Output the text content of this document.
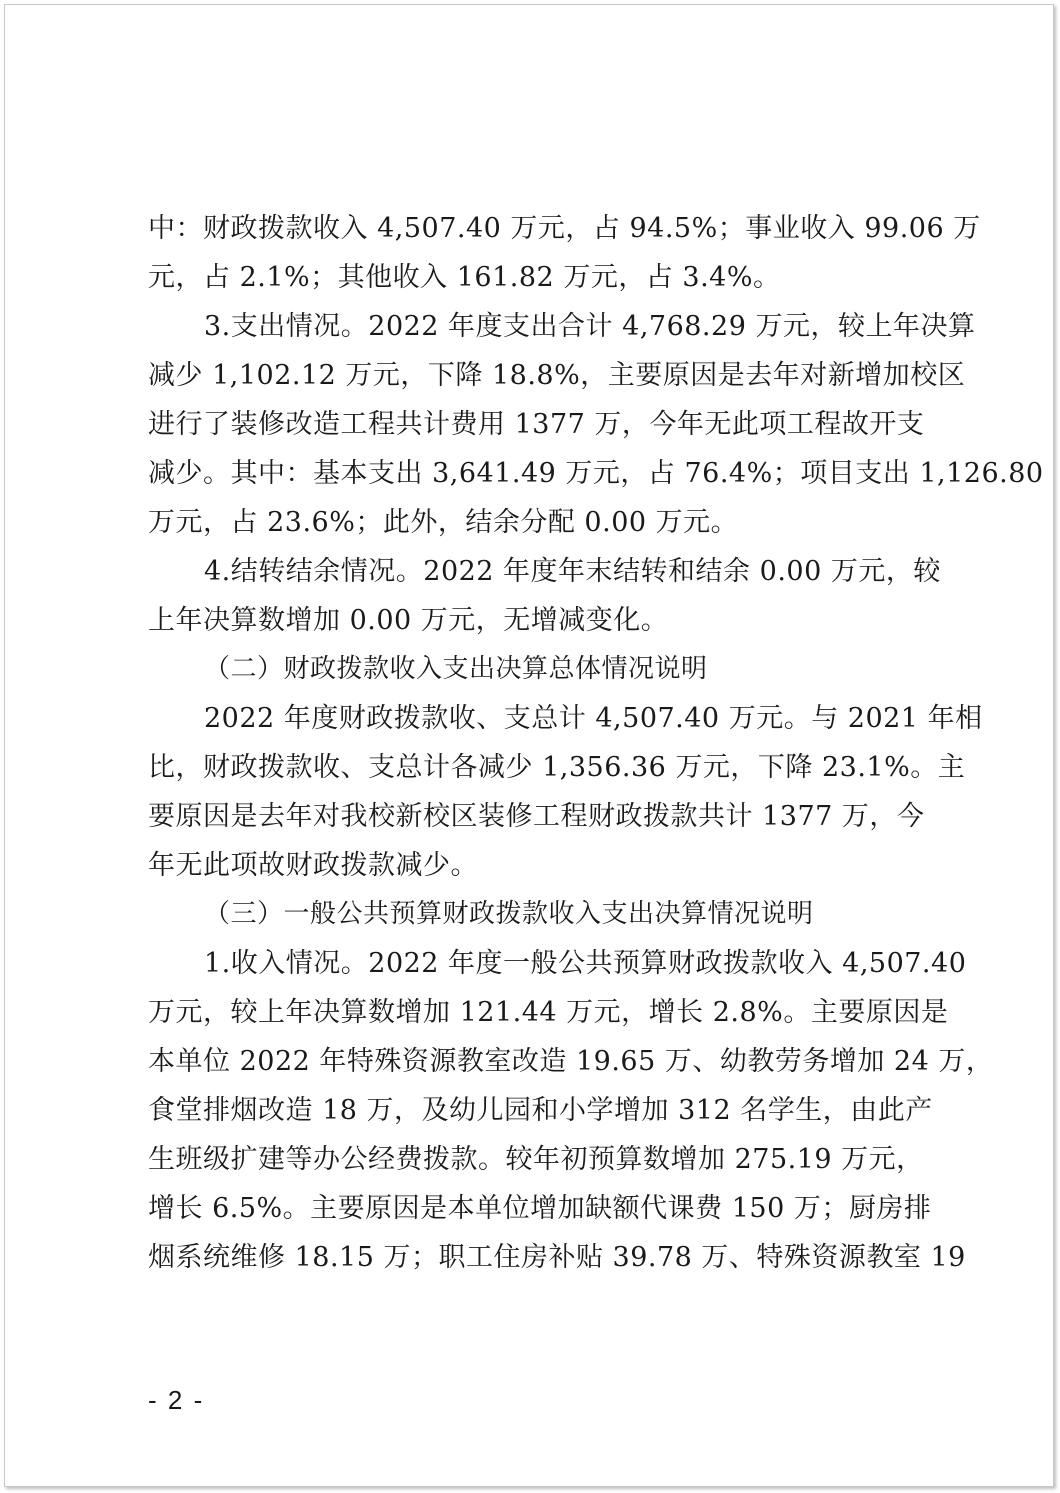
中：财政拨款收入 4,507.40 万元，占 94.5%；事业收入 99.06 万
元，占 2.1%；其他收入 161.82 万元，占 3.4%。
3.支出情况。2022 年度支出合计 4,768.29 万元，较上年决算
减少 1,102.12 万元，下降 18.8%，主要原因是去年对新增加校区
进行了装修改造工程共计费用 1377 万，今年无此项工程故开支
减少。其中：基本支出 3,641.49 万元，占 76.4%；项目支出 1,126.80
万元，占 23.6%；此外，结余分配 0.00 万元。
4.结转结余情况。2022 年度年末结转和结余 0.00 万元，较
上年决算数增加 0.00 万元，无增减变化。
（二）财政拨款收入支出决算总体情况说明
2022 年度财政拨款收、支总计 4,507.40 万元。与 2021 年相
比，财政拨款收、支总计各减少 1,356.36 万元，下降 23.1%。主
要原因是去年对我校新校区装修工程财政拨款共计 1377 万，今
年无此项故财政拨款减少。
（三）一般公共预算财政拨款收入支出决算情况说明
1.收入情况。2022 年度一般公共预算财政拨款收入 4,507.40
万元，较上年决算数增加 121.44 万元，增长 2.8%。主要原因是
本单位 2022 年特殊资源教室改造 19.65 万、幼教劳务增加 24 万，
食堂排烟改造 18 万，及幼儿园和小学增加 312 名学生，由此产
生班级扩建等办公经费拨款。较年初预算数增加 275.19 万元，
增长 6.5%。主要原因是本单位增加缺额代课费 150 万；厨房排
烟系统维修 18.15 万；职工住房补贴 39.78 万、特殊资源教室 19
- 2 -
